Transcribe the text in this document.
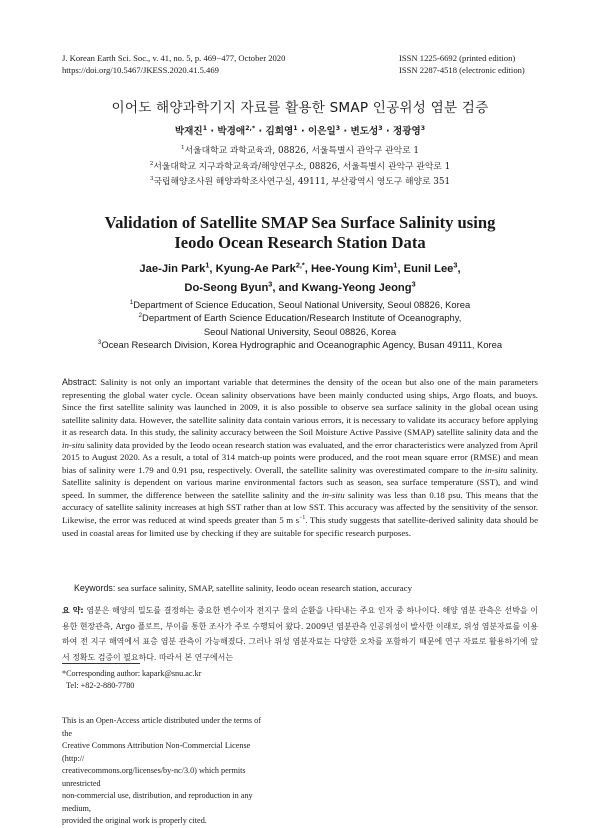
J. Korean Earth Sci. Soc., v. 41, no. 5, p. 469−477, October 2020
https://doi.org/10.5467/JKESS.2020.41.5.469
ISSN 1225-6692 (printed edition)
ISSN 2287-4518 (electronic edition)
이어도 해양과학기지 자료를 활용한 SMAP 인공위성 염분 검증
박재진$^1$ · 박경애$^{2,*}$ · 김희영$^1$ · 이은일$^3$ · 변도성$^3$ · 정광영$^3$
$^1$서울대학교 과학교육과, 08826, 서울특별시 관악구 관악로 1
$^2$서울대학교 지구과학교육과/해양연구소, 08826, 서울특별시 관악구 관악로 1
$^3$국립해양조사원 해양과학조사연구실, 49111, 부산광역시 영도구 해양로 351
Validation of Satellite SMAP Sea Surface Salinity using
Ieodo Ocean Research Station Data
Jae-Jin Park$^1$, Kyung-Ae Park$^{2,*}$, Hee-Young Kim$^1$, Eunil Lee$^3$,
Do-Seong Byun$^3$, and Kwang-Yeong Jeong$^3$
$^1$Department of Science Education, Seoul National University, Seoul 08826, Korea
$^2$Department of Earth Science Education/Research Institute of Oceanography,
Seoul National University, Seoul 08826, Korea
$^3$Ocean Research Division, Korea Hydrographic and Oceanographic Agency, Busan 49111, Korea
Abstract: Salinity is not only an important variable that determines the density of the ocean but also one of the main parameters representing the global water cycle. Ocean salinity observations have been mainly conducted using ships, Argo floats, and buoys. Since the first satellite salinity was launched in 2009, it is also possible to observe sea surface salinity in the global ocean using satellite salinity data. However, the satellite salinity data contain various errors, it is necessary to validate its accuracy before applying it as research data. In this study, the salinity accuracy between the Soil Moisture Active Passive (SMAP) satellite salinity data and the in-situ salinity data provided by the Ieodo ocean research station was evaluated, and the error characteristics were analyzed from April 2015 to August 2020. As a result, a total of 314 match-up points were produced, and the root mean square error (RMSE) and mean bias of salinity were 1.79 and 0.91 psu, respectively. Overall, the satellite salinity was overestimated compare to the in-situ salinity. Satellite salinity is dependent on various marine environmental factors such as season, sea surface temperature (SST), and wind speed. In summer, the difference between the satellite salinity and the in-situ salinity was less than 0.18 psu. This means that the accuracy of satellite salinity increases at high SST rather than at low SST. This accuracy was affected by the sensitivity of the sensor. Likewise, the error was reduced at wind speeds greater than 5 m $s^{-1}$. This study suggests that satellite-derived salinity data should be used in coastal areas for limited use by checking if they are suitable for specific research purposes.
Keywords: sea surface salinity, SMAP, satellite salinity, Ieodo ocean research station, accuracy
요 약: 염분은 해양의 밀도를 결정하는 중요한 변수이자 전지구 물의 순환을 나타내는 주요 인자 중 하나이다. 해양 염분 관측은 선박을 이용한 현장관측, Argo 플로트, 부이를 통한 조사가 주로 수행되어 왔다. 2009년 염분관측 인공위성이 발사한 이래로, 위성 염분자료를 이용하여 전 지구 해역에서 표층 염분 관측이 가능해졌다. 그러나 위성 염분자료는 다양한 오차를 포함하기 때문에 연구 자료로 활용하기에 앞서 정확도 검증이 필요하다. 따라서 본 연구에서는
*Corresponding author: kapark@snu.ac.kr
Tel: +82-2-880-7780
This is an Open-Access article distributed under the terms of the
Creative Commons Attribution Non-Commercial License (http://
creativecommons.org/licenses/by-nc/3.0) which permits unrestricted
non-commercial use, distribution, and reproduction in any medium,
provided the original work is properly cited.
